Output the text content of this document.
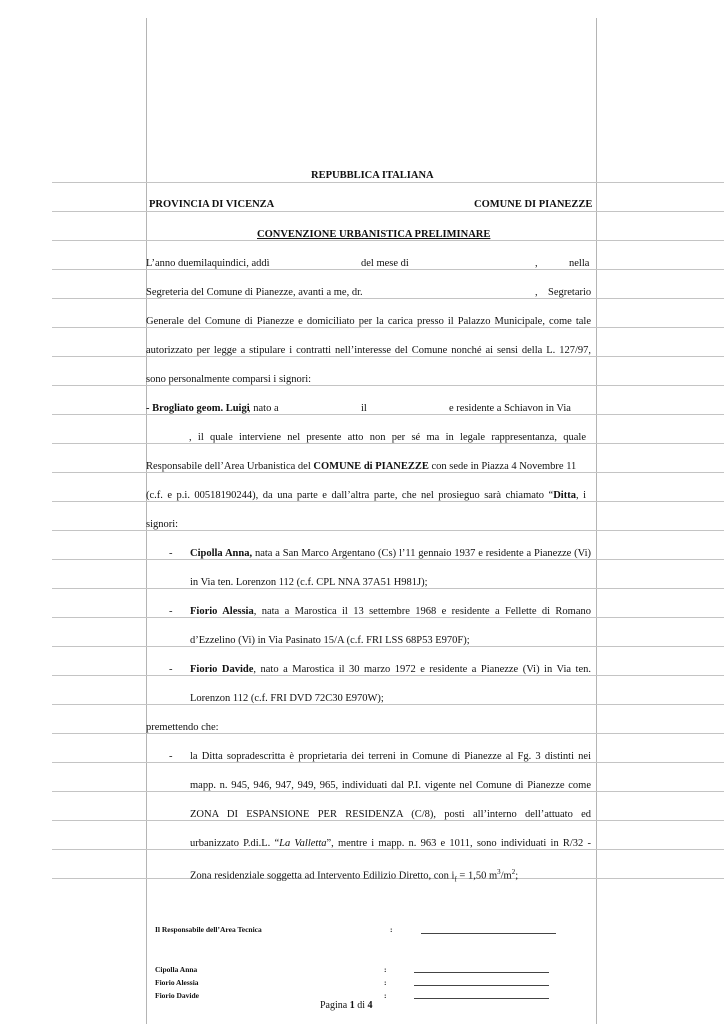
REPUBBLICA ITALIANA
PROVINCIA DI VICENZA	COMUNE DI PIANEZZE
CONVENZIONE URBANISTICA PRELIMINARE
L’anno duemilaquindici, addì	del mese di	,	nella
Segreteria del Comune di Pianezze, avanti a me, dr.	, Segretario
Generale del Comune di Pianezze e domiciliato per la carica presso il Palazzo Municipale, come tale
autorizzato per legge a stipulare i contratti nell’interesse del Comune nonché ai sensi della L. 127/97,
sono personalmente comparsi i signori:
- Brogliato geom. Luigi
, nato a	il	e residente a Schiavon in Via
, il quale interviene nel presente atto non per sé ma in legale rappresentanza, quale
Responsabile dell’Area Urbanistica del COMUNE di PIANEZZE con sede in Piazza 4 Novembre 11
(c.f. e p.i. 00518190244), da una parte e dall’altra parte, che nel prosieguo sarà chiamato “Ditta, i
signori:
- Cipolla Anna, nata a San Marco Argentano (Cs) l’11 gennaio 1937 e residente a Pianezze (Vi)
in Via ten. Lorenzon 112 (c.f. CPL NNA 37A51 H981J);
- Fiorio Alessia, nata a Marostica il 13 settembre 1968 e residente a Fellette di Romano
d’Ezzelino (Vi) in Via Pasinato 15/A (c.f. FRI LSS 68P53 E970F);
- Fiorio Davide, nato a Marostica il 30 marzo 1972 e residente a Pianezze (Vi) in Via ten.
Lorenzon 112 (c.f. FRI DVD 72C30 E970W);
premettendo che:
- la Ditta sopradescritta è proprietaria dei terreni in Comune di Pianezze al Fg. 3 distinti nei
mapp. n. 945, 946, 947, 949, 965, individuati dal P.I. vigente nel Comune di Pianezze come
ZONA DI ESPANSIONE PER RESIDENZA (C/8), posti all’interno dell’attuato ed
urbanizzato P.di.L. “La Valletta”, mentre i mapp. n. 963 e 1011, sono individuati in R/32 -
Zona residenziale soggetta ad Intervento Edilizio Diretto, con $i_f = 1,50$ $m^3/m^2$;
Il Responsabile dell’Area Tecnica	:
Cipolla Anna	:
Fiorio Alessia	:
Fiorio Davide	:
Pagina 1 di 4
